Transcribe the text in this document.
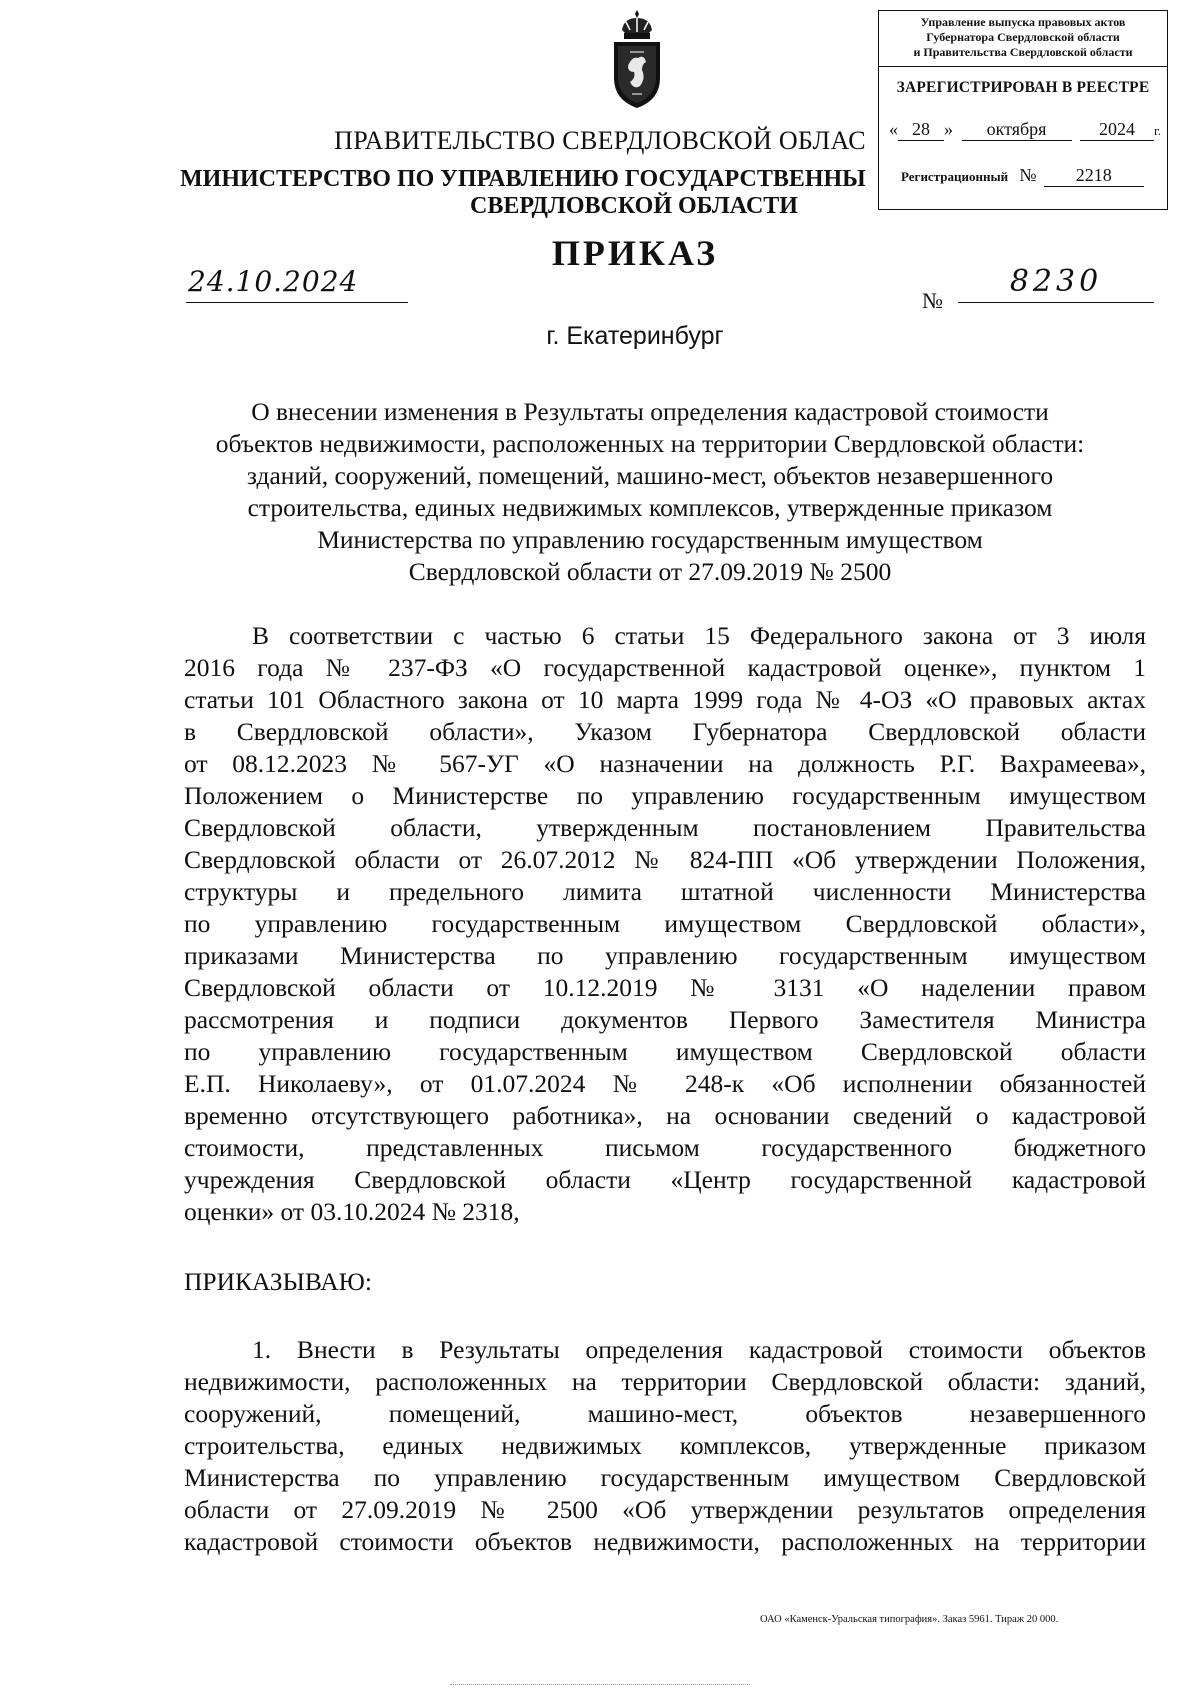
Управление выпуска правовых актов
Губернатора Свердловской области
и Правительства Свердловской области
ЗАРЕГИСТРИРОВАН В РЕЕСТРЕ
« 28 » октября	2024 г.
Регистрационный № 2218
ПРАВИТЕЛЬСТВО СВЕРДЛОВСКОЙ ОБЛАС
МИНИСТЕРСТВО ПО УПРАВЛЕНИЮ ГОСУДАРСТВЕННЫ
СВЕРДЛОВСКОЙ ОБЛАСТИ
ПРИКАЗ
24.10.2024
№
8230
г. Екатеринбург
О внесении изменения в Результаты определения кадастровой стоимости
объектов недвижимости, расположенных на территории Свердловской области:
зданий, сооружений, помещений, машино-мест, объектов незавершенного
строительства, единых недвижимых комплексов, утвержденные приказом
Министерства по управлению государственным имуществом
Свердловской области от 27.09.2019 № 2500
В соответствии с частью 6 статьи 15 Федерального закона от 3 июля
2016 года № 237-ФЗ «О государственной кадастровой оценке», пунктом 1
статьи 101 Областного закона от 10 марта 1999 года № 4-ОЗ «О правовых актах
в Свердловской области», Указом Губернатора Свердловской области
от 08.12.2023 № 567-УГ «О назначении на должность Р.Г. Вахрамеева»,
Положением о Министерстве по управлению государственным имуществом
Свердловской области, утвержденным постановлением Правительства
Свердловской области от 26.07.2012 № 824-ПП «Об утверждении Положения,
структуры и предельного лимита штатной численности Министерства
по управлению государственным имуществом Свердловской области»,
приказами Министерства по управлению государственным имуществом
Свердловской области от 10.12.2019 № 3131 «О наделении правом
рассмотрения и подписи документов Первого Заместителя Министра
по управлению государственным имуществом Свердловской области
Е.П. Николаеву», от 01.07.2024 № 248-к «Об исполнении обязанностей
временно отсутствующего работника», на основании сведений о кадастровой
стоимости, представленных письмом государственного бюджетного
учреждения Свердловской области «Центр государственной кадастровой
оценки» от 03.10.2024 № 2318,
ПРИКАЗЫВАЮ:
1. Внести в Результаты определения кадастровой стоимости объектов
недвижимости, расположенных на территории Свердловской области: зданий,
сооружений, помещений, машино-мест, объектов незавершенного
строительства, единых недвижимых комплексов, утвержденные приказом
Министерства по управлению государственным имуществом Свердловской
области от 27.09.2019 № 2500 «Об утверждении результатов определения
кадастровой стоимости объектов недвижимости, расположенных на территории
ОАО «Каменск-Уральская типография». Заказ 5961. Тираж 20 000.
